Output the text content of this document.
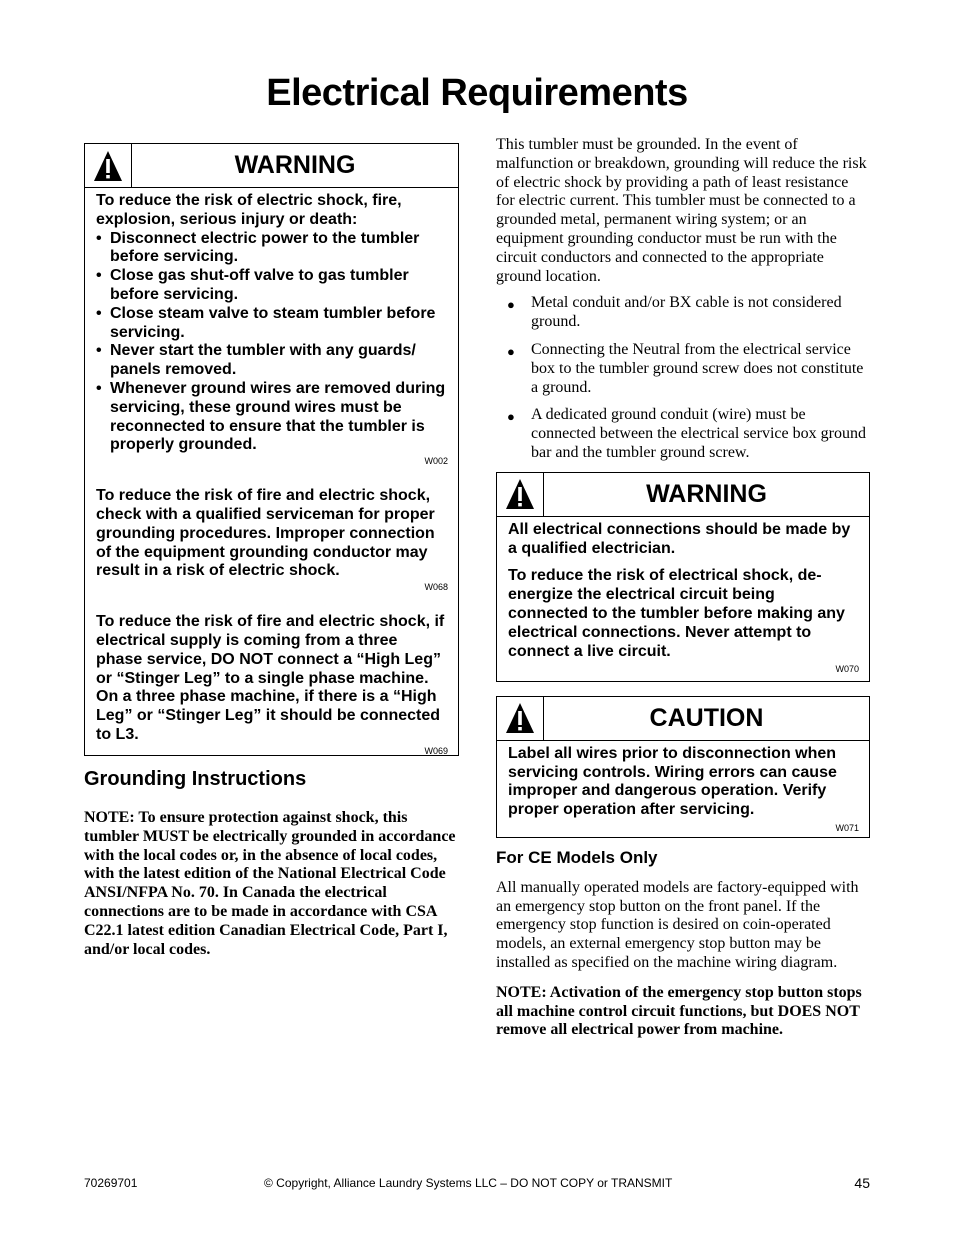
Electrical Requirements
WARNING

To reduce the risk of electric shock, fire, explosion, serious injury or death:

• Disconnect electric power to the tumbler before servicing.
• Close gas shut-off valve to gas tumbler before servicing.
• Close steam valve to steam tumbler before servicing.
• Never start the tumbler with any guards/ panels removed.
• Whenever ground wires are removed during servicing, these ground wires must be reconnected to ensure that the tumbler is properly grounded.
W002

To reduce the risk of fire and electric shock, check with a qualified serviceman for proper grounding procedures. Improper connection of the equipment grounding conductor may result in a risk of electric shock.

W068

To reduce the risk of fire and electric shock, if electrical supply is coming from a three phase service, DO NOT connect a “High Leg” or “Stinger Leg” to a single phase machine. On a three phase machine, if there is a “High Leg” or “Stinger Leg” it should be connected to L3.

W069
Grounding Instructions

NOTE: To ensure protection against shock, this tumbler MUST be electrically grounded in accordance with the local codes or, in the absence of local codes, with the latest edition of the National Electrical Code ANSI/NFPA No. 70. In Canada the electrical connections are to be made in accordance with CSA C22.1 latest edition Canadian Electrical Code, Part I, and/or local codes.

This tumbler must be grounded. In the event of malfunction or breakdown, grounding will reduce the risk of electric shock by providing a path of least resistance for electric current. This tumbler must be connected to a grounded metal, permanent wiring system; or an equipment grounding conductor must be run with the circuit conductors and connected to the appropriate ground location.

● Metal conduit and/or BX cable is not considered ground.
● Connecting the Neutral from the electrical service box to the tumbler ground screw does not constitute a ground.
● A dedicated ground conduit (wire) must be connected between the electrical service box ground bar and the tumbler ground screw.
WARNING

All electrical connections should be made by a qualified electrician.

To reduce the risk of electrical shock, de-energize the electrical circuit being connected to the tumbler before making any electrical connections. Never attempt to connect a live circuit.

W070
CAUTION

Label all wires prior to disconnection when servicing controls. Wiring errors can cause improper and dangerous operation. Verify proper operation after servicing.

W071
For CE Models Only

All manually operated models are factory-equipped with an emergency stop button on the front panel. If the emergency stop function is desired on coin-operated models, an external emergency stop button may be installed as specified on the machine wiring diagram.

NOTE: Activation of the emergency stop button stops all machine control circuit functions, but DOES NOT remove all electrical power from machine.

70269701	© Copyright, Alliance Laundry Systems LLC – DO NOT COPY or TRANSMIT	45
